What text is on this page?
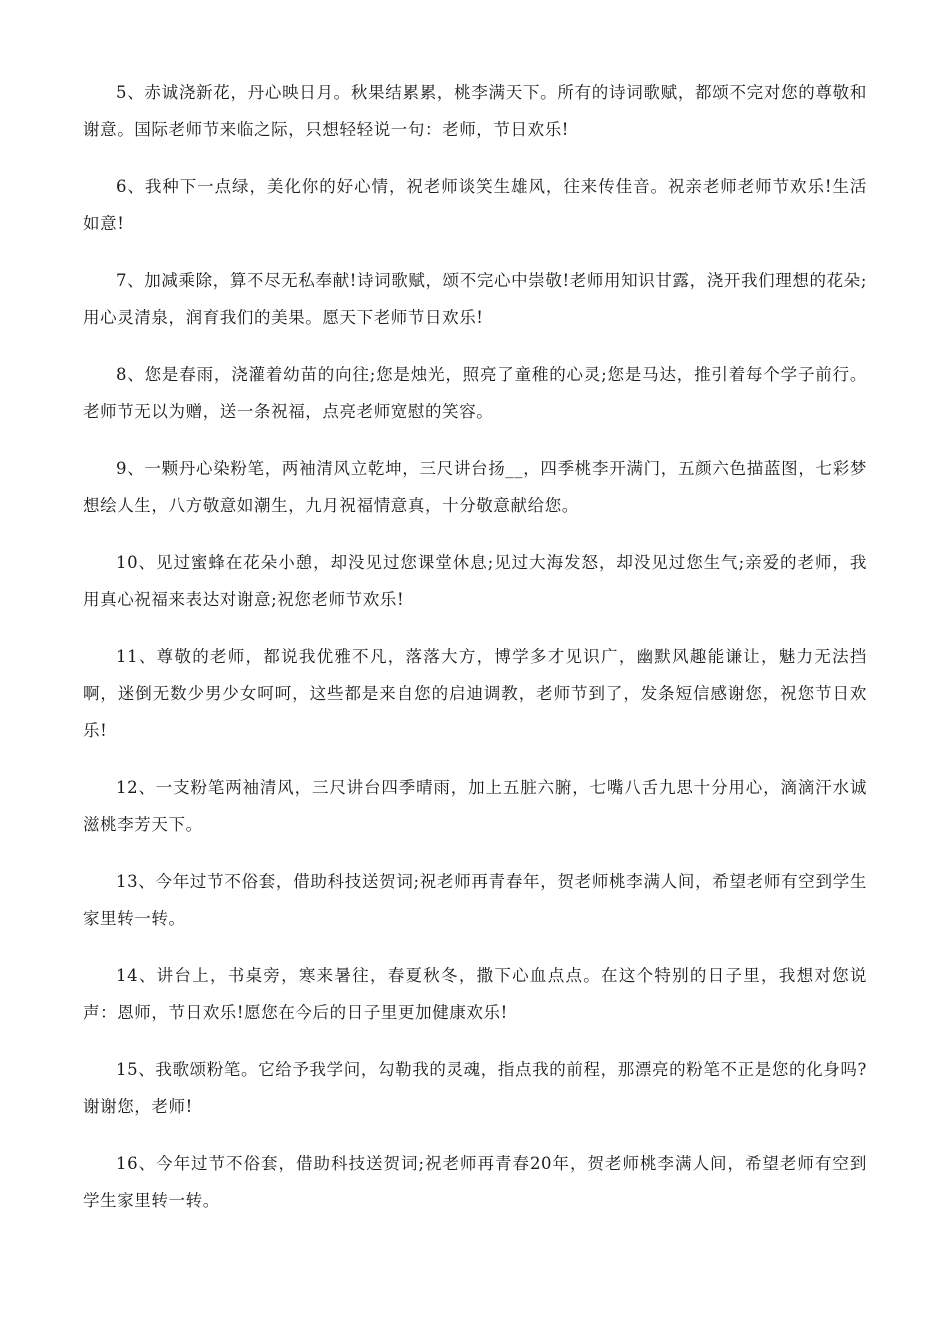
5、赤诚浇新花，丹心映日月。秋果结累累，桃李满天下。所有的诗词歌赋，都颂不完对您的尊敬和谢意。国际老师节来临之际，只想轻轻说一句：老师，节日欢乐!

6、我种下一点绿，美化你的好心情，祝老师谈笑生雄风，往来传佳音。祝亲老师老师节欢乐!生活如意!

7、加减乘除，算不尽无私奉献!诗词歌赋，颂不完心中崇敬!老师用知识甘露，浇开我们理想的花朵;用心灵清泉，润育我们的美果。愿天下老师节日欢乐!

8、您是春雨，浇灌着幼苗的向往;您是烛光，照亮了童稚的心灵;您是马达，推引着每个学子前行。老师节无以为赠，送一条祝福，点亮老师宽慰的笑容。

9、一颗丹心染粉笔，两袖清风立乾坤，三尺讲台扬__，四季桃李开满门，五颜六色描蓝图，七彩梦想绘人生，八方敬意如潮生，九月祝福情意真，十分敬意献给您。

10、见过蜜蜂在花朵小憩，却没见过您课堂休息;见过大海发怒，却没见过您生气;亲爱的老师，我用真心祝福来表达对谢意;祝您老师节欢乐!

11、尊敬的老师，都说我优雅不凡，落落大方，博学多才见识广，幽默风趣能谦让，魅力无法挡啊，迷倒无数少男少女呵呵，这些都是来自您的启迪调教，老师节到了，发条短信感谢您，祝您节日欢乐!

12、一支粉笔两袖清风，三尺讲台四季晴雨，加上五脏六腑，七嘴八舌九思十分用心，滴滴汗水诚滋桃李芳天下。

13、今年过节不俗套，借助科技送贺词;祝老师再青春年，贺老师桃李满人间，希望老师有空到学生家里转一转。

14、讲台上，书桌旁，寒来暑往，春夏秋冬，撒下心血点点。在这个特别的日子里，我想对您说声：恩师，节日欢乐!愿您在今后的日子里更加健康欢乐!

15、我歌颂粉笔。它给予我学问，勾勒我的灵魂，指点我的前程，那漂亮的粉笔不正是您的化身吗?谢谢您，老师!

16、今年过节不俗套，借助科技送贺词;祝老师再青春20年，贺老师桃李满人间，希望老师有空到学生家里转一转。
